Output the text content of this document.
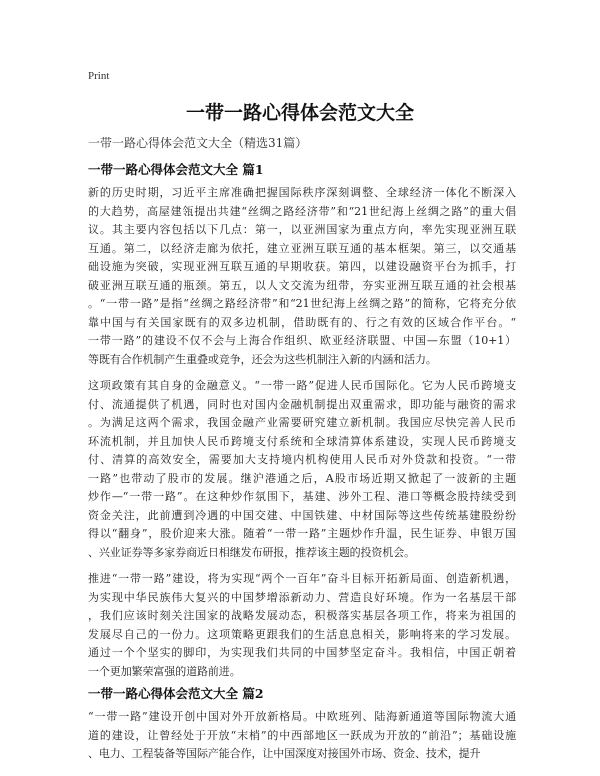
Print
一带一路心得体会范文大全
一带一路心得体会范文大全（精选31篇）
一带一路心得体会范文大全 篇1
新的历史时期，习近平主席准确把握国际秩序深刻调整、全球经济一体化不断深入
的大趋势，高屋建瓴提出共建“丝绸之路经济带”和“21世纪海上丝绸之路”的重大倡
议。其主要内容包括以下几点：第一，以亚洲国家为重点方向，率先实现亚洲互联
互通。第二，以经济走廊为依托，建立亚洲互联互通的基本框架。第三，以交通基
础设施为突破，实现亚洲互联互通的早期收获。第四，以建设融资平台为抓手，打
破亚洲互联互通的瓶颈。第五，以人文交流为纽带，夯实亚洲互联互通的社会根基
。“一带一路”是指“丝绸之路经济带”和“21世纪海上丝绸之路”的简称，它将充分依
靠中国与有关国家既有的双多边机制，借助既有的、行之有效的区域合作平台。“
一带一路”的建设不仅不会与上海合作组织、欧亚经济联盟、中国—东盟（10+1）
等既有合作机制产生重叠或竞争，还会为这些机制注入新的内涵和活力。
这项政策有其自身的金融意义。“一带一路”促进人民币国际化。它为人民币跨境支
付、流通提供了机遇，同时也对国内金融机制提出双重需求，即功能与融资的需求
。为满足这两个需求，我国金融产业需要研究建立新机制。我国应尽快完善人民币
环流机制，并且加快人民币跨境支付系统和全球清算体系建设，实现人民币跨境支
付、清算的高效安全，需要加大支持境内机构使用人民币对外贷款和投资。“一带
一路”也带动了股市的发展。继沪港通之后，A股市场近期又掀起了一波新的主题
炒作—“一带一路”。在这种炒作氛围下，基建、涉外工程、港口等概念股持续受到
资金关注，此前遭到冷遇的中国交建、中国铁建、中材国际等这些传统基建股纷纷
得以“翻身”，股价迎来大涨。随着“一带一路”主题炒作升温，民生证券、申银万国
、兴业证券等多家券商近日相继发布研报，推荐该主题的投资机会。
推进“一带一路”建设，将为实现“两个一百年”奋斗目标开拓新局面、创造新机遇，
为实现中华民族伟大复兴的中国梦增添新动力、营造良好环境。作为一名基层干部
，我们应该时刻关注国家的战略发展动态，积极落实基层各项工作，将来为祖国的
发展尽自己的一份力。这项策略更跟我们的生活息息相关，影响将来的学习发展。
通过一个个坚实的脚印，为实现我们共同的中国梦坚定奋斗。我相信，中国正朝着
一个更加繁荣富强的道路前进。
一带一路心得体会范文大全 篇2
“一带一路”建设开创中国对外开放新格局。中欧班列、陆海新通道等国际物流大通
道的建设，让曾经处于开放“末梢”的中西部地区一跃成为开放的“前沿”；基础设施
、电力、工程装备等国际产能合作，让中国深度对接国外市场、资金、技术，提升
